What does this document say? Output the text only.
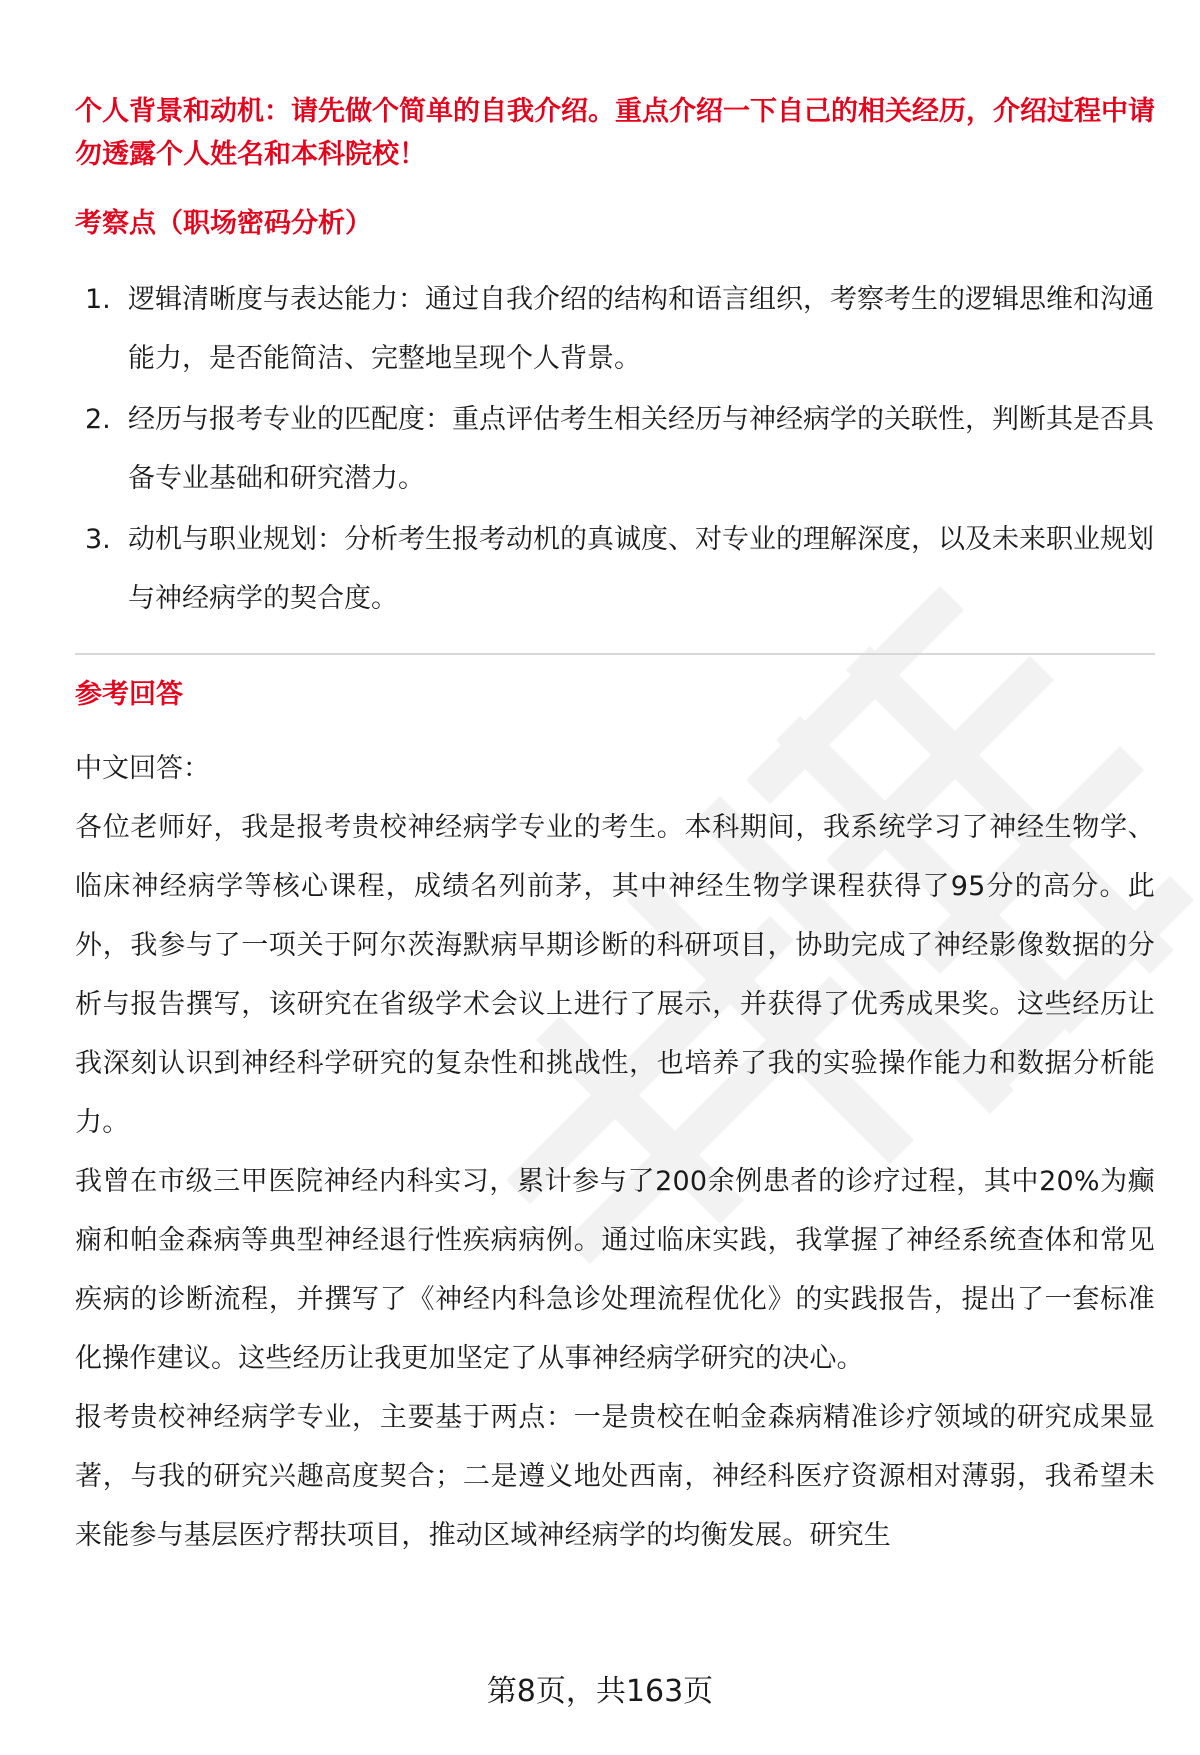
个人背景和动机：请先做个简单的自我介绍。重点介绍一下自己的相关经历，介绍过程中请勿透露个人姓名和本科院校！

考察点（职场密码分析）

1. 逻辑清晰度与表达能力：通过自我介绍的结构和语言组织，考察考生的逻辑思维和沟通能力，是否能简洁、完整地呈现个人背景。
2. 经历与报考专业的匹配度：重点评估考生相关经历与神经病学的关联性，判断其是否具备专业基础和研究潜力。
3. 动机与职业规划：分析考生报考动机的真诚度、对专业的理解深度，以及未来职业规划与神经病学的契合度。

参考回答

中文回答：

各位老师好，我是报考贵校神经病学专业的考生。本科期间，我系统学习了神经生物学、临床神经病学等核心课程，成绩名列前茅，其中神经生物学课程获得了95分的高分。此外，我参与了一项关于阿尔茨海默病早期诊断的科研项目，协助完成了神经影像数据的分析与报告撰写，该研究在省级学术会议上进行了展示，并获得了优秀成果奖。这些经历让我深刻认识到神经科学研究的复杂性和挑战性，也培养了我的实验操作能力和数据分析能力。

我曾在市级三甲医院神经内科实习，累计参与了200余例患者的诊疗过程，其中20%为癫痫和帕金森病等典型神经退行性疾病病例。通过临床实践，我掌握了神经系统查体和常见疾病的诊断流程，并撰写了《神经内科急诊处理流程优化》的实践报告，提出了一套标准化操作建议。这些经历让我更加坚定了从事神经病学研究的决心。

报考贵校神经病学专业，主要基于两点：一是贵校在帕金森病精准诊疗领域的研究成果显著，与我的研究兴趣高度契合；二是遵义地处西南，神经科医疗资源相对薄弱，我希望未来能参与基层医疗帮扶项目，推动区域神经病学的均衡发展。研究生

第8页，共163页
